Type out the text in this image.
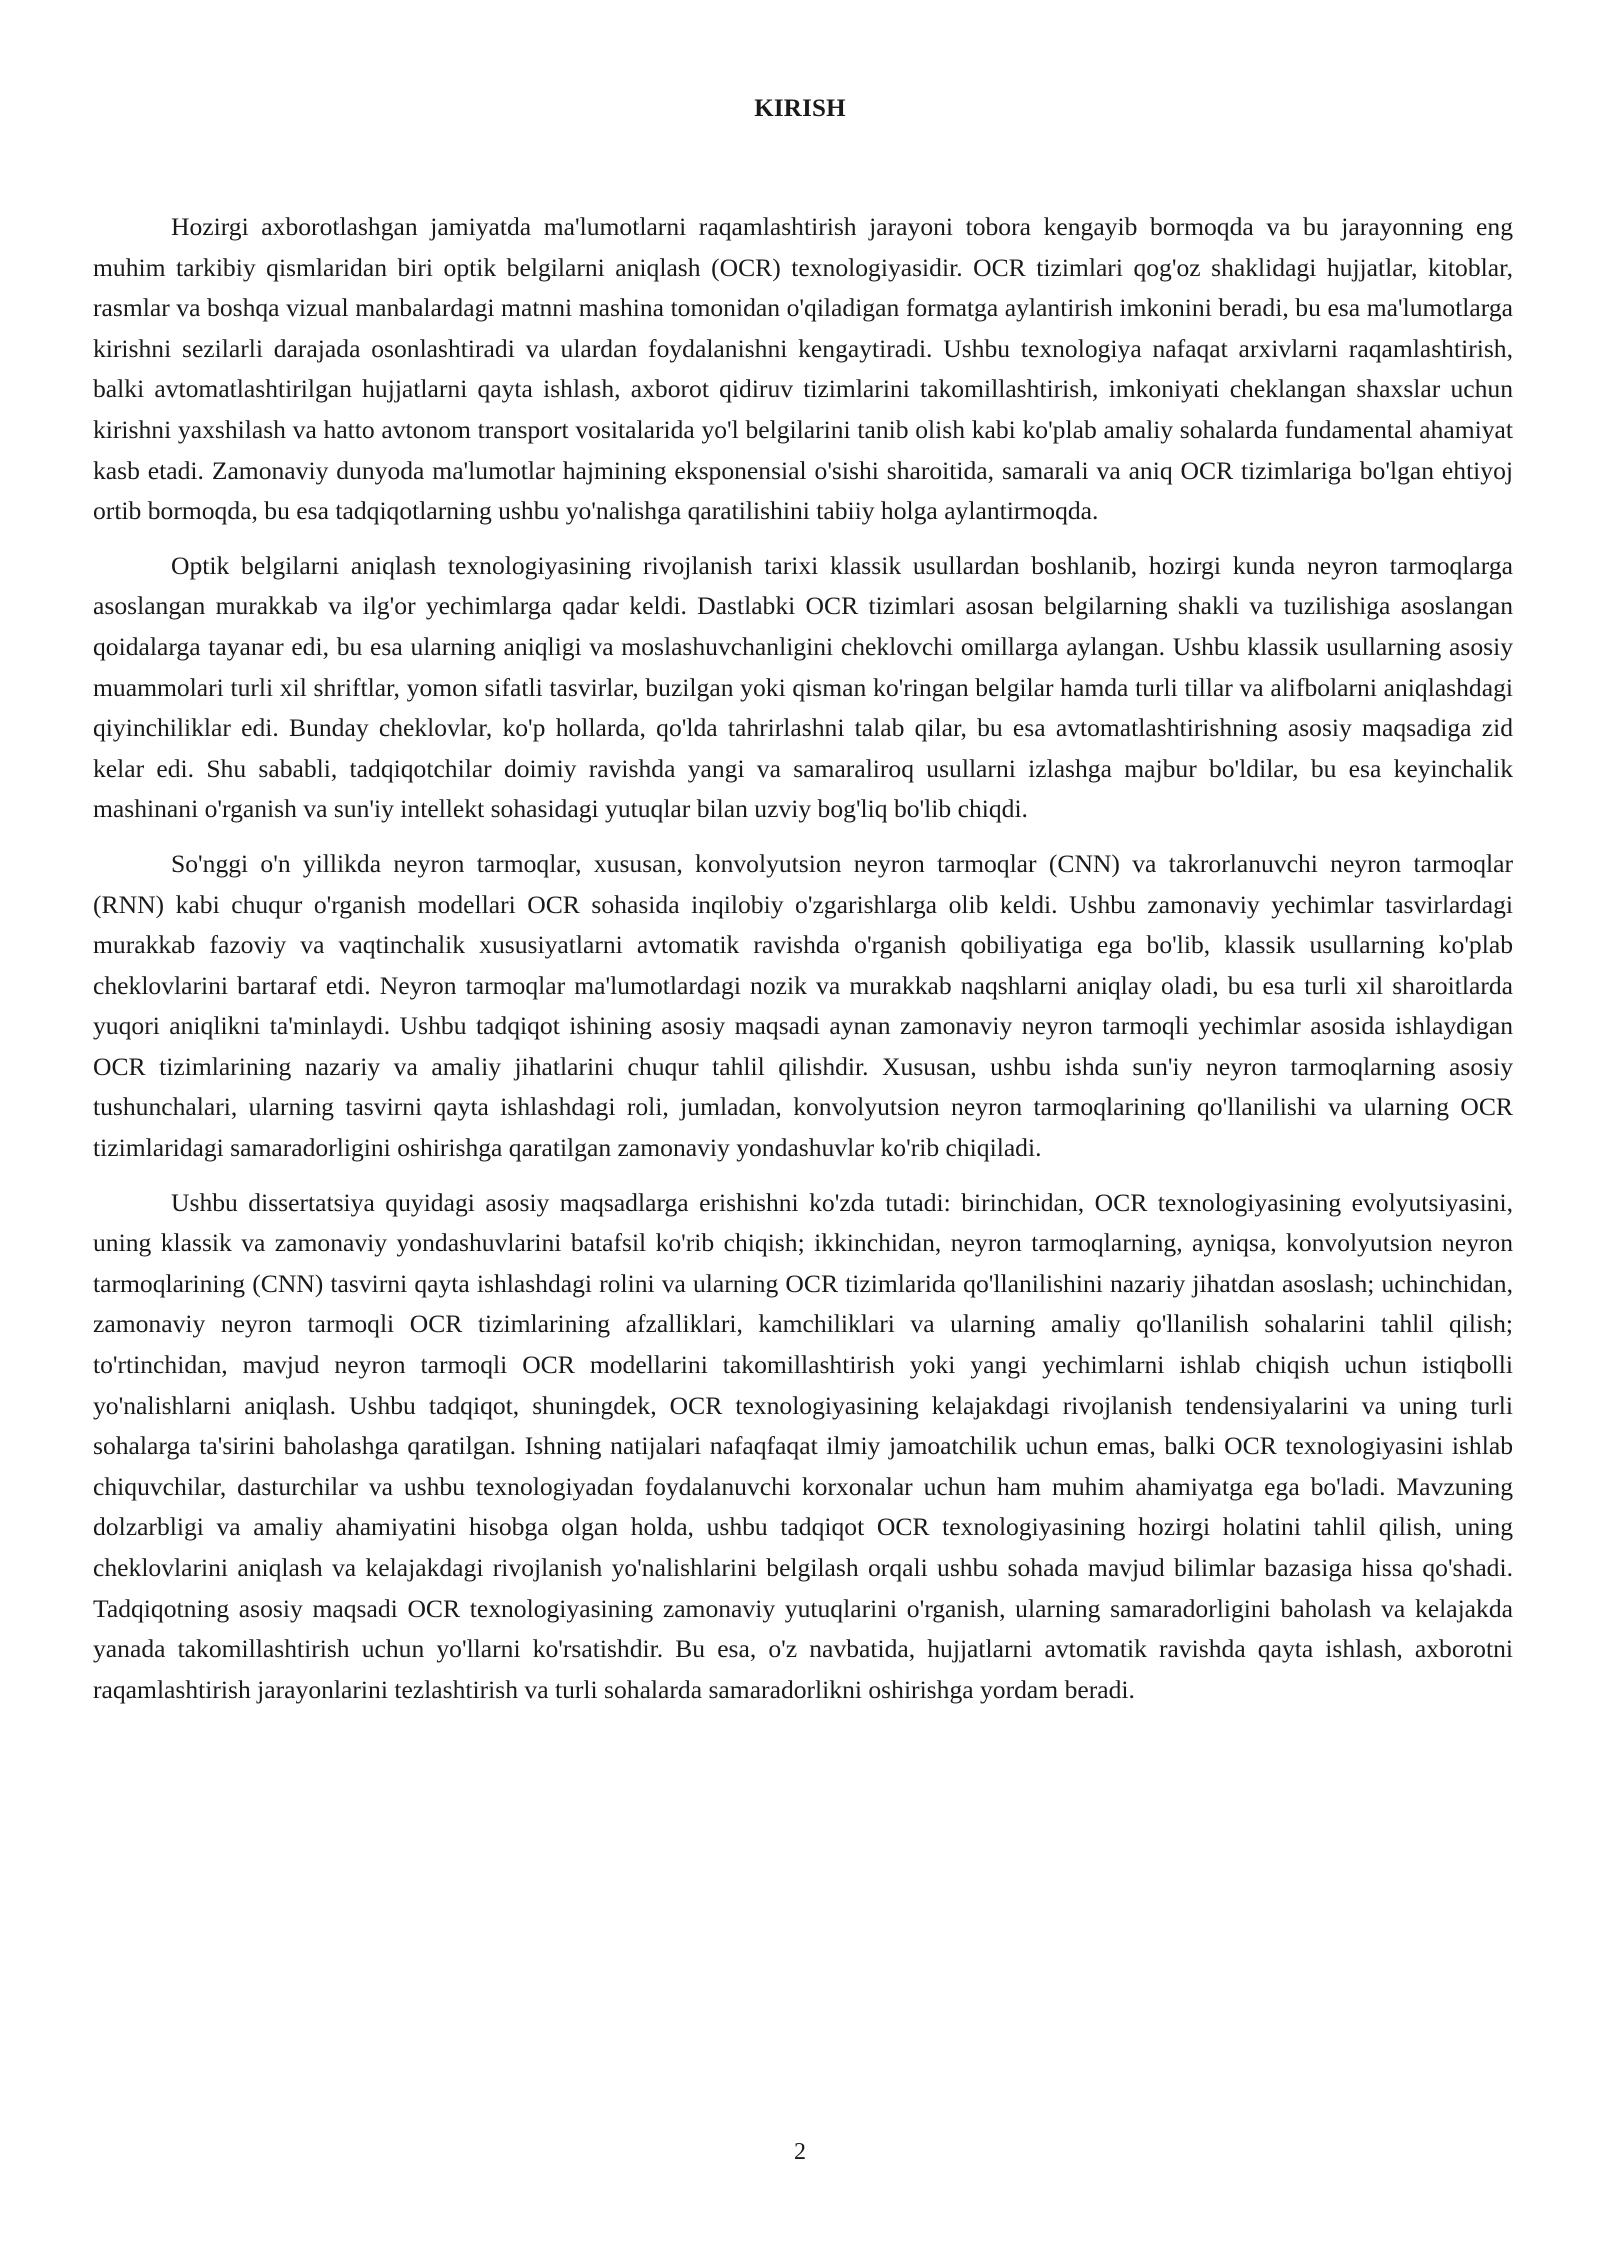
KIRISH

Hozirgi axborotlashgan jamiyatda ma'lumotlarni raqamlashtirish jarayoni tobora kengayib bormoqda va bu jarayonning eng muhim tarkibiy qismlaridan biri optik belgilarni aniqlash (OCR) texnologiyasidir. OCR tizimlari qog'oz shaklidagi hujjatlar, kitoblar, rasmlar va boshqa vizual manbalardagi matnni mashina tomonidan o'qiladigan formatga aylantirish imkonini beradi, bu esa ma'lumotlarga kirishni sezilarli darajada osonlashtiradi va ulardan foydalanishni kengaytiradi. Ushbu texnologiya nafaqat arxivlarni raqamlashtirish, balki avtomatlashtirilgan hujjatlarni qayta ishlash, axborot qidiruv tizimlarini takomillashtirish, imkoniyati cheklangan shaxslar uchun kirishni yaxshilash va hatto avtonom transport vositalarida yo'l belgilarini tanib olish kabi ko'plab amaliy sohalarda fundamental ahamiyat kasb etadi. Zamonaviy dunyoda ma'lumotlar hajmining eksponensial o'sishi sharoitida, samarali va aniq OCR tizimlariga bo'lgan ehtiyoj ortib bormoqda, bu esa tadqiqotlarning ushbu yo'nalishga qaratilishini tabiiy holga aylantirmoqda.

Optik belgilarni aniqlash texnologiyasining rivojlanish tarixi klassik usullardan boshlanib, hozirgi kunda neyron tarmoqlarga asoslangan murakkab va ilg'or yechimlarga qadar keldi. Dastlabki OCR tizimlari asosan belgilarning shakli va tuzilishiga asoslangan qoidalarga tayanar edi, bu esa ularning aniqligi va moslashuvchanligini cheklovchi omillarga aylangan. Ushbu klassik usullarning asosiy muammolari turli xil shriftlar, yomon sifatli tasvirlar, buzilgan yoki qisman ko'ringan belgilar hamda turli tillar va alifbolarni aniqlashdagi qiyinchiliklar edi. Bunday cheklovlar, ko'p hollarda, qo'lda tahrirlashni talab qilar, bu esa avtomatlashtirishning asosiy maqsadiga zid kelar edi. Shu sababli, tadqiqotchilar doimiy ravishda yangi va samaraliroq usullarni izlashga majbur bo'ldilar, bu esa keyinchalik mashinani o'rganish va sun'iy intellekt sohasidagi yutuqlar bilan uzviy bog'liq bo'lib chiqdi.

So'nggi o'n yillikda neyron tarmoqlar, xususan, konvolyutsion neyron tarmoqlar (CNN) va takrorlanuvchi neyron tarmoqlar (RNN) kabi chuqur o'rganish modellari OCR sohasida inqilobiy o'zgarishlarga olib keldi. Ushbu zamonaviy yechimlar tasvirlardagi murakkab fazoviy va vaqtinchalik xususiyatlarni avtomatik ravishda o'rganish qobiliyatiga ega bo'lib, klassik usullarning ko'plab cheklovlarini bartaraf etdi. Neyron tarmoqlar ma'lumotlardagi nozik va murakkab naqshlarni aniqlay oladi, bu esa turli xil sharoitlarda yuqori aniqlikni ta'minlaydi. Ushbu tadqiqot ishining asosiy maqsadi aynan zamonaviy neyron tarmoqli yechimlar asosida ishlaydigan OCR tizimlarining nazariy va amaliy jihatlarini chuqur tahlil qilishdir. Xususan, ushbu ishda sun'iy neyron tarmoqlarning asosiy tushunchalari, ularning tasvirni qayta ishlashdagi roli, jumladan, konvolyutsion neyron tarmoqlarining qo'llanilishi va ularning OCR tizimlaridagi samaradorligini oshirishga qaratilgan zamonaviy yondashuvlar ko'rib chiqiladi.

Ushbu dissertatsiya quyidagi asosiy maqsadlarga erishishni ko'zda tutadi: birinchidan, OCR texnologiyasining evolyutsiyasini, uning klassik va zamonaviy yondashuvlarini batafsil ko'rib chiqish; ikkinchidan, neyron tarmoqlarning, ayniqsa, konvolyutsion neyron tarmoqlarining (CNN) tasvirni qayta ishlashdagi rolini va ularning OCR tizimlarida qo'llanilishini nazariy jihatdan asoslash; uchinchidan, zamonaviy neyron tarmoqli OCR tizimlarining afzalliklari, kamchiliklari va ularning amaliy qo'llanilish sohalarini tahlil qilish; to'rtinchidan, mavjud neyron tarmoqli OCR modellarini takomillashtirish yoki yangi yechimlarni ishlab chiqish uchun istiqbolli yo'nalishlarni aniqlash. Ushbu tadqiqot, shuningdek, OCR texnologiyasining kelajakdagi rivojlanish tendensiyalarini va uning turli sohalarga ta'sirini baholashga qaratilgan. Ishning natijalari nafaqfaqat ilmiy jamoatchilik uchun emas, balki OCR texnologiyasini ishlab chiquvchilar, dasturchilar va ushbu texnologiyadan foydalanuvchi korxonalar uchun ham muhim ahamiyatga ega bo'ladi. Mavzuning dolzarbligi va amaliy ahamiyatini hisobga olgan holda, ushbu tadqiqot OCR texnologiyasining hozirgi holatini tahlil qilish, uning cheklovlarini aniqlash va kelajakdagi rivojlanish yo'nalishlarini belgilash orqali ushbu sohada mavjud bilimlar bazasiga hissa qo'shadi. Tadqiqotning asosiy maqsadi OCR texnologiyasining zamonaviy yutuqlarini o'rganish, ularning samaradorligini baholash va kelajakda yanada takomillashtirish uchun yo'llarni ko'rsatishdir. Bu esa, o'z navbatida, hujjatlarni avtomatik ravishda qayta ishlash, axborotni raqamlashtirish jarayonlarini tezlashtirish va turli sohalarda samaradorlikni oshirishga yordam beradi.

2
